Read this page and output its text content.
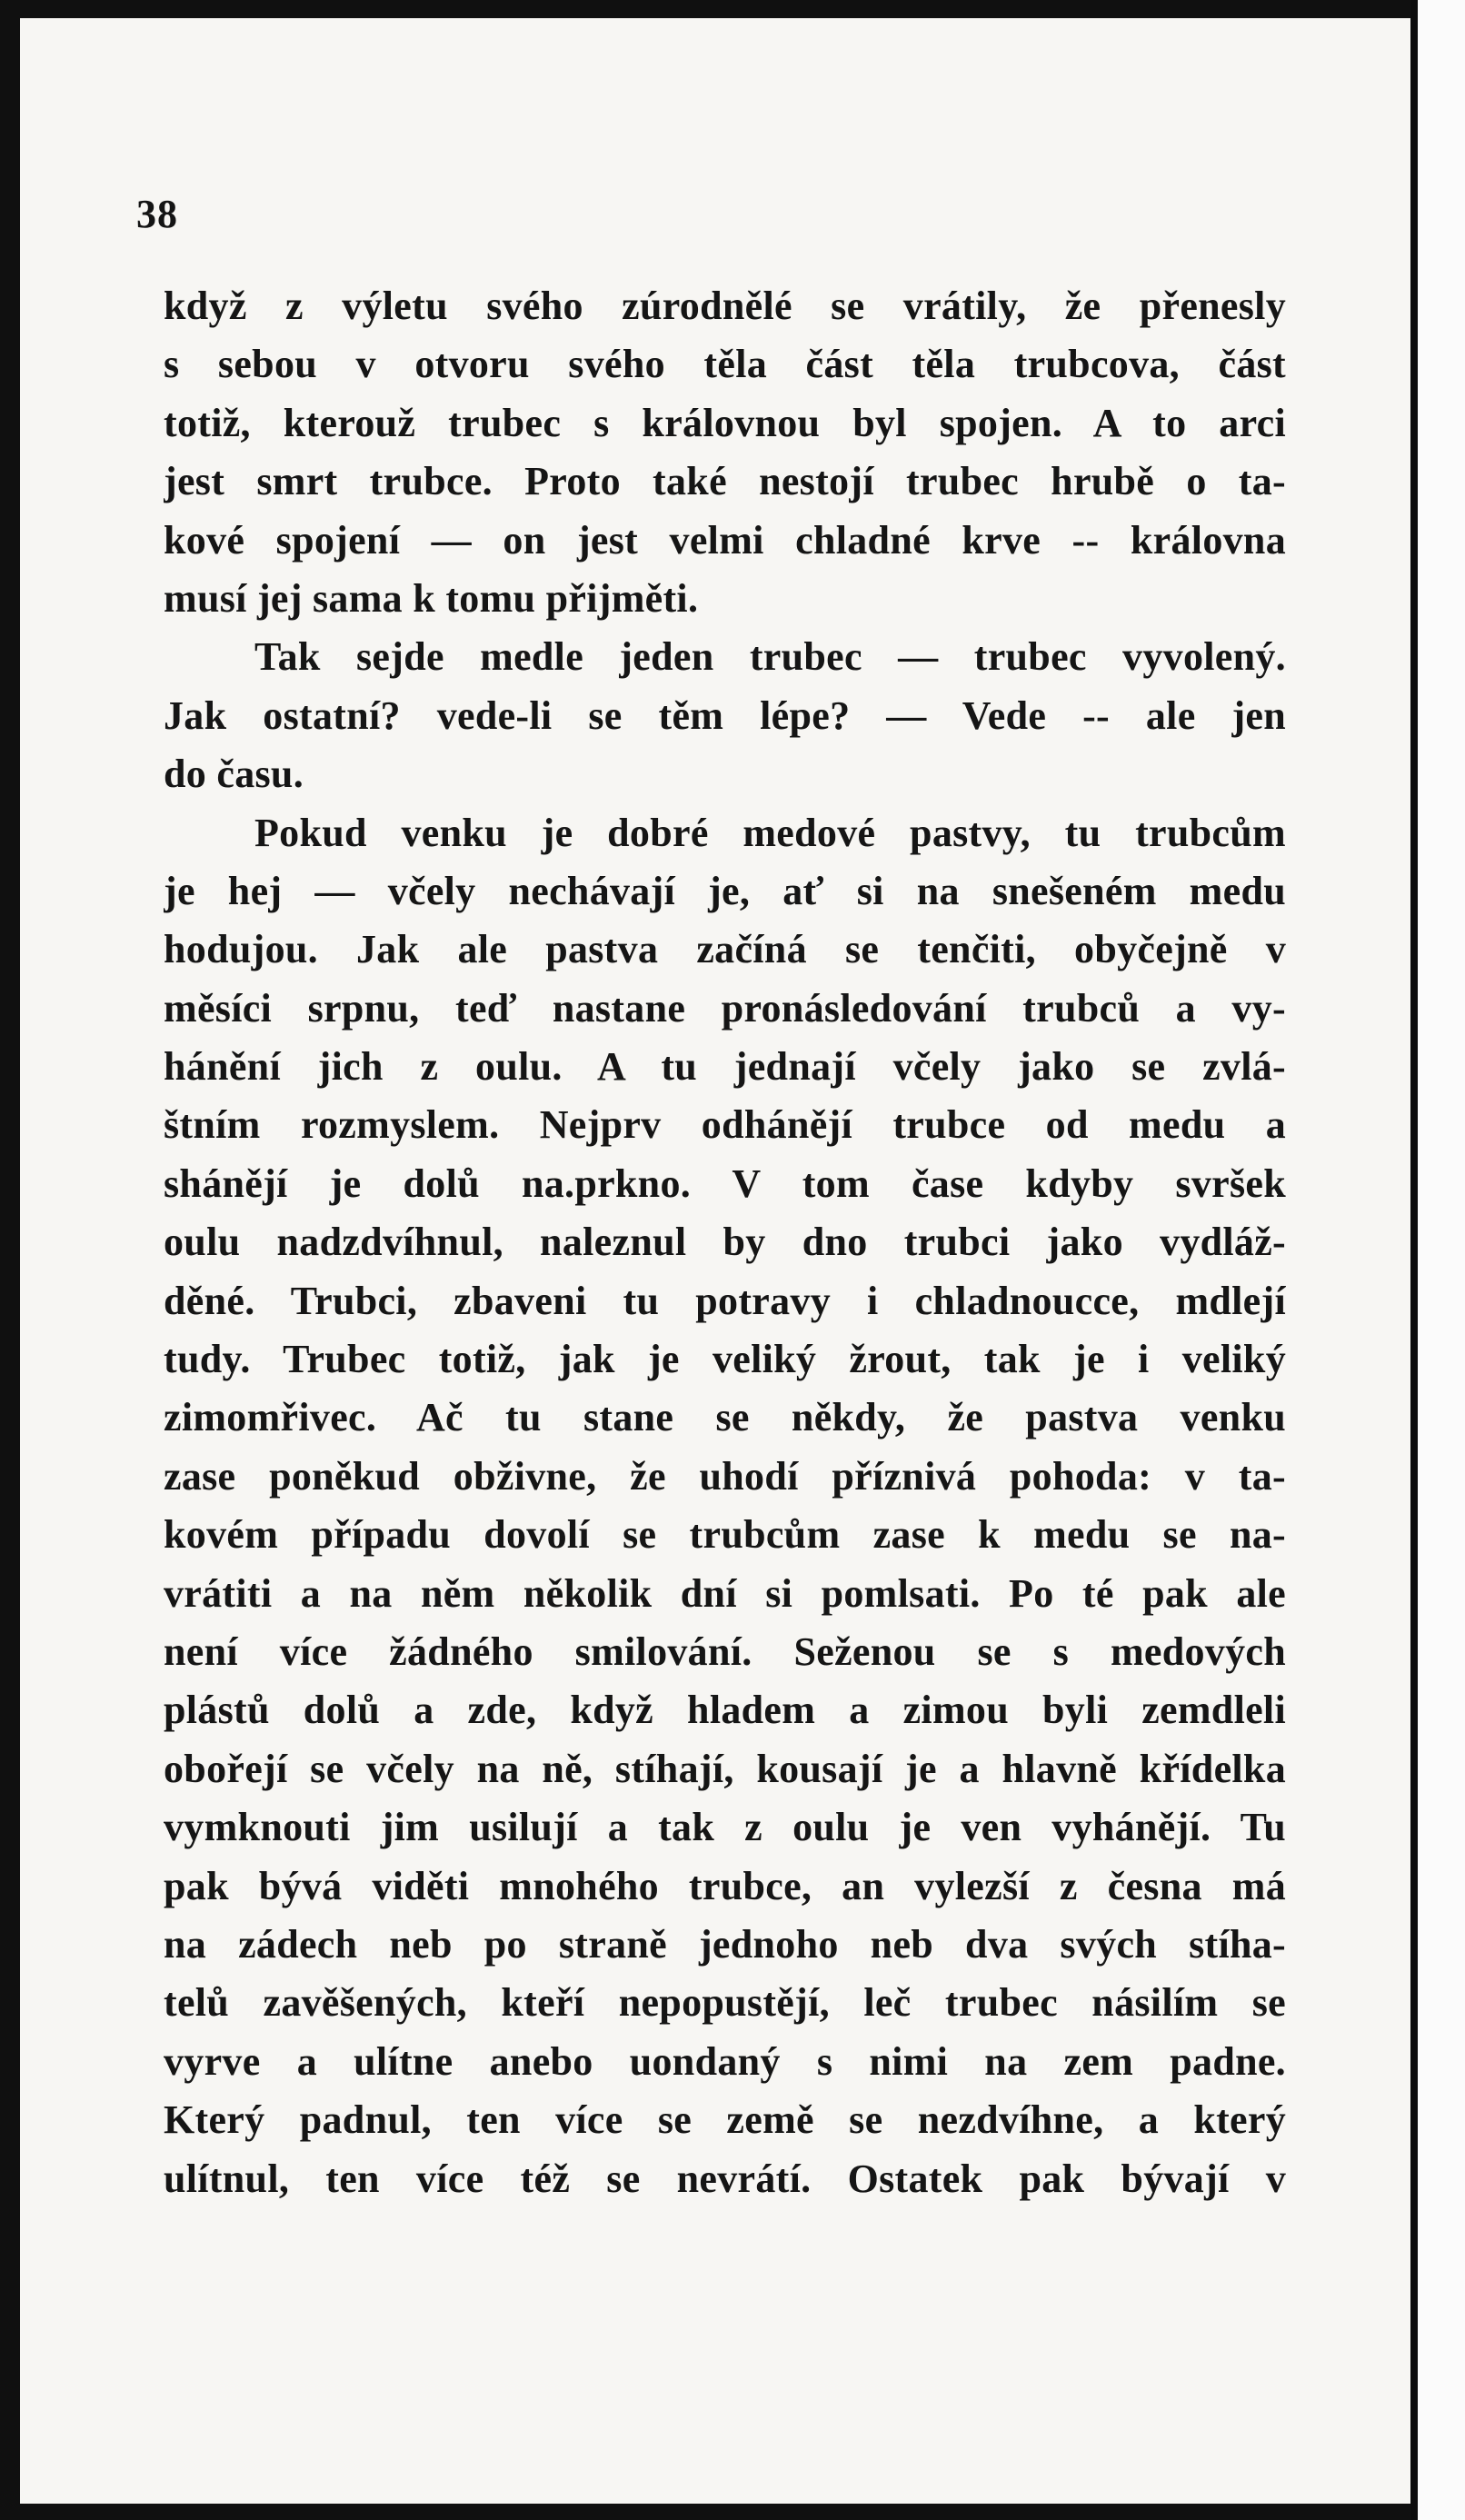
38
když z výletu svého zúrodnělé se vrátily, že přenesly
s sebou v otvoru svého těla část těla trubcova, část
totiž, kterouž trubec s královnou byl spojen. A to arci
jest smrt trubce. Proto také nestojí trubec hrubě o ta-
kové spojení — on jest velmi chladné krve -- královna
musí jej sama k tomu přijměti.
Tak sejde medle jeden trubec — trubec vyvolený.
Jak ostatní? vede-li se těm lépe? — Vede -- ale jen
do času.
Pokud venku je dobré medové pastvy, tu trubcům
je hej — včely nechávají je, ať si na snešeném medu
hodujou. Jak ale pastva začíná se tenčiti, obyčejně v
měsíci srpnu, teď nastane pronásledování trubců a vy-
hánění jich z oulu. A tu jednají včely jako se zvlá-
štním rozmyslem. Nejprv odhánějí trubce od medu a
shánějí je dolů na.prkno. V tom čase kdyby svršek
oulu nadzdvíhnul, naleznul by dno trubci jako vydláž-
děné. Trubci, zbaveni tu potravy i chladnoucce, mdlejí
tudy. Trubec totiž, jak je veliký žrout, tak je i veliký
zimomřivec. Ač tu stane se někdy, že pastva venku
zase poněkud obživne, že uhodí příznivá pohoda: v ta-
kovém případu dovolí se trubcům zase k medu se na-
vrátiti a na něm několik dní si pomlsati. Po té pak ale
není více žádného smilování. Seženou se s medových
plástů dolů a zde, když hladem a zimou byli zemdleli
obořejí se včely na ně, stíhají, kousají je a hlavně křídelka
vymknouti jim usilují a tak z oulu je ven vyhánějí. Tu
pak bývá viděti mnohého trubce, an vylezší z česna má
na zádech neb po straně jednoho neb dva svých stíha-
telů zavěšených, kteří nepopustějí, leč trubec násilím se
vyrve a ulítne anebo uondaný s nimi na zem padne.
Který padnul, ten více se země se nezdvíhne, a který
ulítnul, ten více též se nevrátí. Ostatek pak bývají v
